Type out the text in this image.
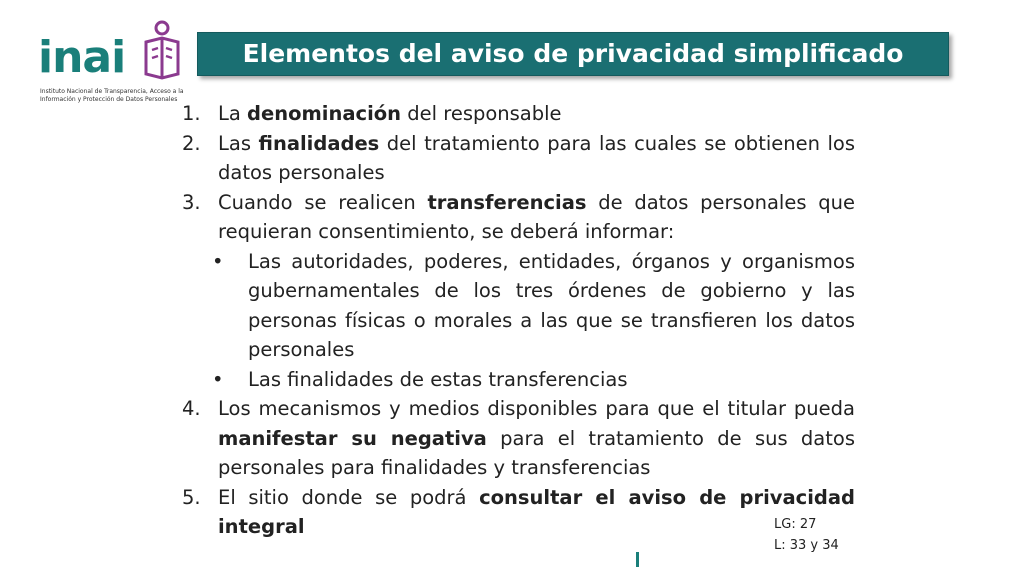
inai
Instituto Nacional de Transparencia, Acceso a la Información y Protección de Datos Personales
Elementos del aviso de privacidad simplificado
1. La denominación del responsable
2. Las finalidades del tratamiento para las cuales se obtienen los datos personales
3. Cuando se realicen transferencias de datos personales que requieran consentimiento, se deberá informar:
• Las autoridades, poderes, entidades, órganos y organismos gubernamentales de los tres órdenes de gobierno y las personas físicas o morales a las que se transfieren los datos personales
• Las finalidades de estas transferencias
4. Los mecanismos y medios disponibles para que el titular pueda manifestar su negativa para el tratamiento de sus datos personales para finalidades y transferencias
5. El sitio donde se podrá consultar el aviso de privacidad integral	LG: 27
L: 33 y 34
